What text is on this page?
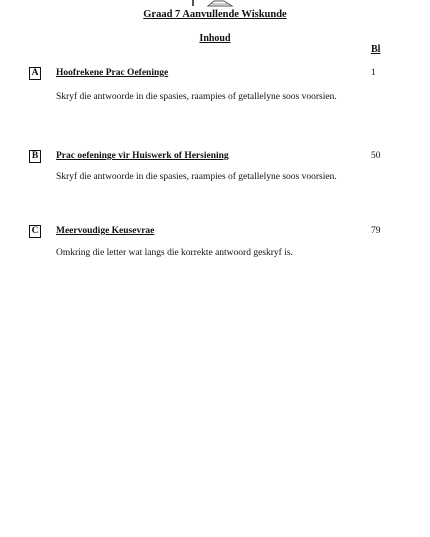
Graad 7 Aanvullende Wiskunde
Inhoud
Bl
A Hoofrekene Prac Oefeninge	1
Skryf die antwoorde in die spasies, raampies of getallelyne soos voorsien.
B Prac oefeninge vir Huiswerk of Hersiening	50
Skryf die antwoorde in die spasies, raampies of getallelyne soos voorsien.
C Meervoudige Keusevrae	79
Omkring die letter wat langs die korrekte antwoord geskryf is.
